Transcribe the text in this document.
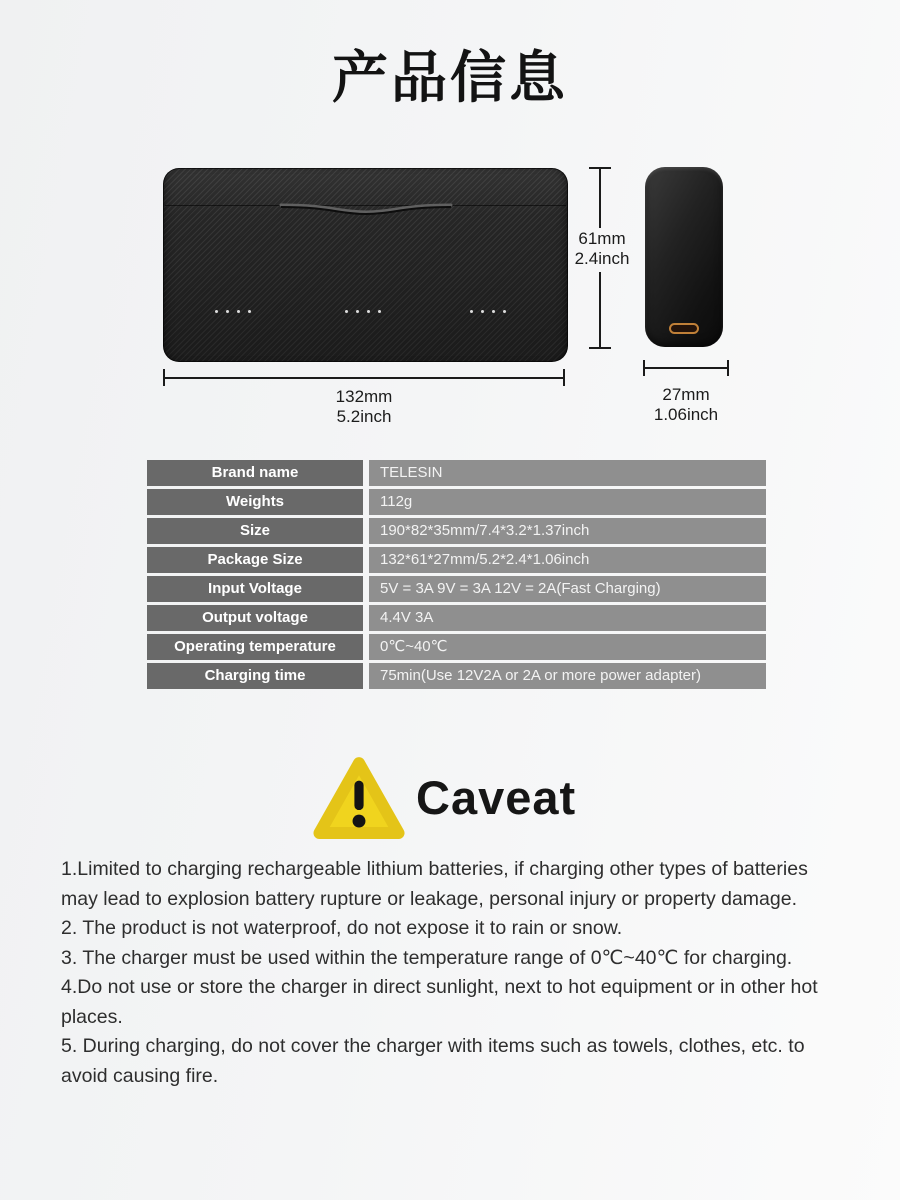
产品信息
132mm
5.2inch
61mm
2.4inch
27mm
1.06inch
Brand name	TELESIN
Weights	112g
Size	190*82*35mm/7.4*3.2*1.37inch
Package Size	132*61*27mm/5.2*2.4*1.06inch
Input Voltage	5V = 3A 9V = 3A 12V = 2A(Fast Charging)
Output voltage	4.4V 3A
Operating temperature	0℃~40℃
Charging time	75min(Use 12V2A or 2A or more power adapter)
Caveat

1.Limited to charging rechargeable lithium batteries, if charging other types of batteries may lead to explosion battery rupture or leakage, personal injury or property damage.

2. The product is not waterproof, do not expose it to rain or snow.

3. The charger must be used within the temperature range of 0℃~40℃ for charging.

4.Do not use or store the charger in direct sunlight, next to hot equipment or in other hot places.

5. During charging, do not cover the charger with items such as towels, clothes, etc. to avoid causing fire.
